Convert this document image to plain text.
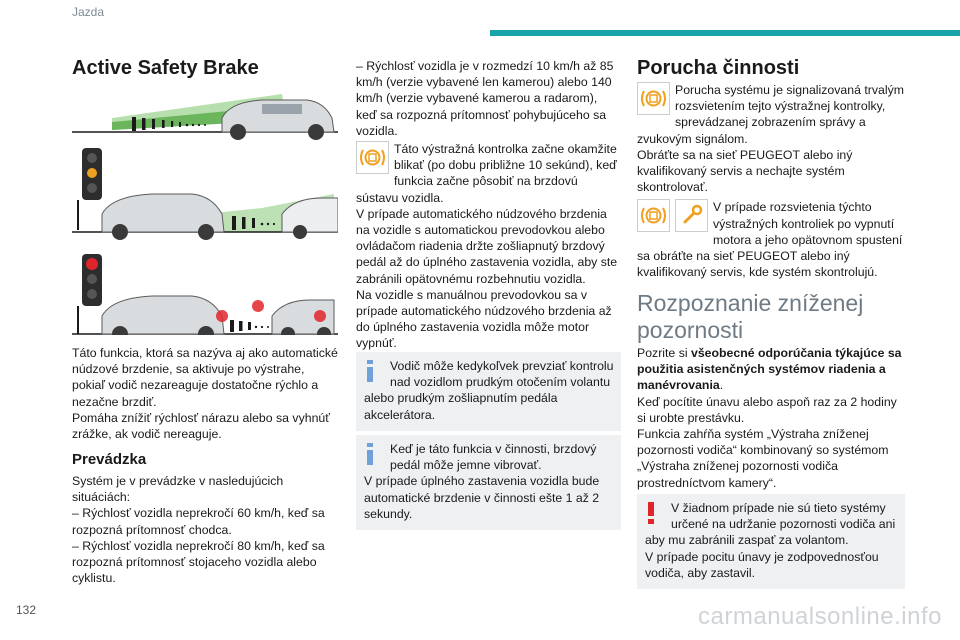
Jazda
Active Safety Brake

Táto funkcia, ktorá sa nazýva aj ako automatické núdzové brzdenie, sa aktivuje po výstrahe, pokiaľ vodič nezareaguje dostatočne rýchlo a nezačne brzdiť.

Pomáha znížiť rýchlosť nárazu alebo sa vyhnúť zrážke, ak vodič nereaguje.

Prevádzka

Systém je v prevádzke v nasledujúcich situáciách:

– Rýchlosť vozidla neprekročí 60 km/h, keď sa rozpozná prítomnosť chodca.

– Rýchlosť vozidla neprekročí 80 km/h, keď sa rozpozná prítomnosť stojaceho vozidla alebo cyklistu.

– Rýchlosť vozidla je v rozmedzí 10 km/h až 85 km/h (verzie vybavené len kamerou) alebo 140 km/h (verzie vybavené kamerou a radarom), keď sa rozpozná prítomnosť pohybujúceho sa vozidla.

Táto výstražná kontrolka začne okamžite blikať (po dobu približne 10 sekúnd), keď funkcia začne pôsobiť na brzdovú sústavu vozidla.

V prípade automatického núdzového brzdenia na vozidle s automatickou prevodovkou alebo ovládačom riadenia držte zošliapnutý brzdový pedál až do úplného zastavenia vozidla, aby ste zabránili opätovnému rozbehnutiu vozidla.

Na vozidle s manuálnou prevodovkou sa v prípade automatického núdzového brzdenia až do úplného zastavenia vozidla môže motor vypnúť.

Vodič môže kedykoľvek prevziať kontrolu nad vozidlom prudkým otočením volantu

alebo prudkým zošliapnutím pedála akcelerátora.

Keď je táto funkcia v činnosti, brzdový pedál môže jemne vibrovať.

V prípade úplného zastavenia vozidla bude automatické brzdenie v činnosti ešte 1 až 2 sekundy.

Porucha činnosti

Porucha systému je signalizovaná trvalým rozsvietením tejto výstražnej kontrolky, sprevádzanej zobrazením správy a zvukovým signálom.

Obráťte sa na sieť PEUGEOT alebo iný kvalifikovaný servis a nechajte systém skontrolovať.

V prípade rozsvietenia týchto výstražných kontroliek po vypnutí motora a jeho opätovnom spustení sa obráťte na sieť PEUGEOT alebo iný kvalifikovaný servis, kde systém skontrolujú.

Rozpoznanie zníženej pozornosti

Pozrite si všeobecné odporúčania týkajúce sa použitia asistenčných systémov riadenia a manévrovania.

Keď pocítite únavu alebo aspoň raz za 2 hodiny si urobte prestávku.

Funkcia zahŕňa systém „Výstraha zníženej pozornosti vodiča“ kombinovaný so systémom „Výstraha zníženej pozornosti vodiča prostredníctvom kamery“.

V žiadnom prípade nie sú tieto systémy určené na udržanie pozornosti vodiča ani

aby mu zabránili zaspať za volantom.

V prípade pocitu únavy je zodpovednosťou vodiča, aby zastavil.

132	carmanualsonline.info
